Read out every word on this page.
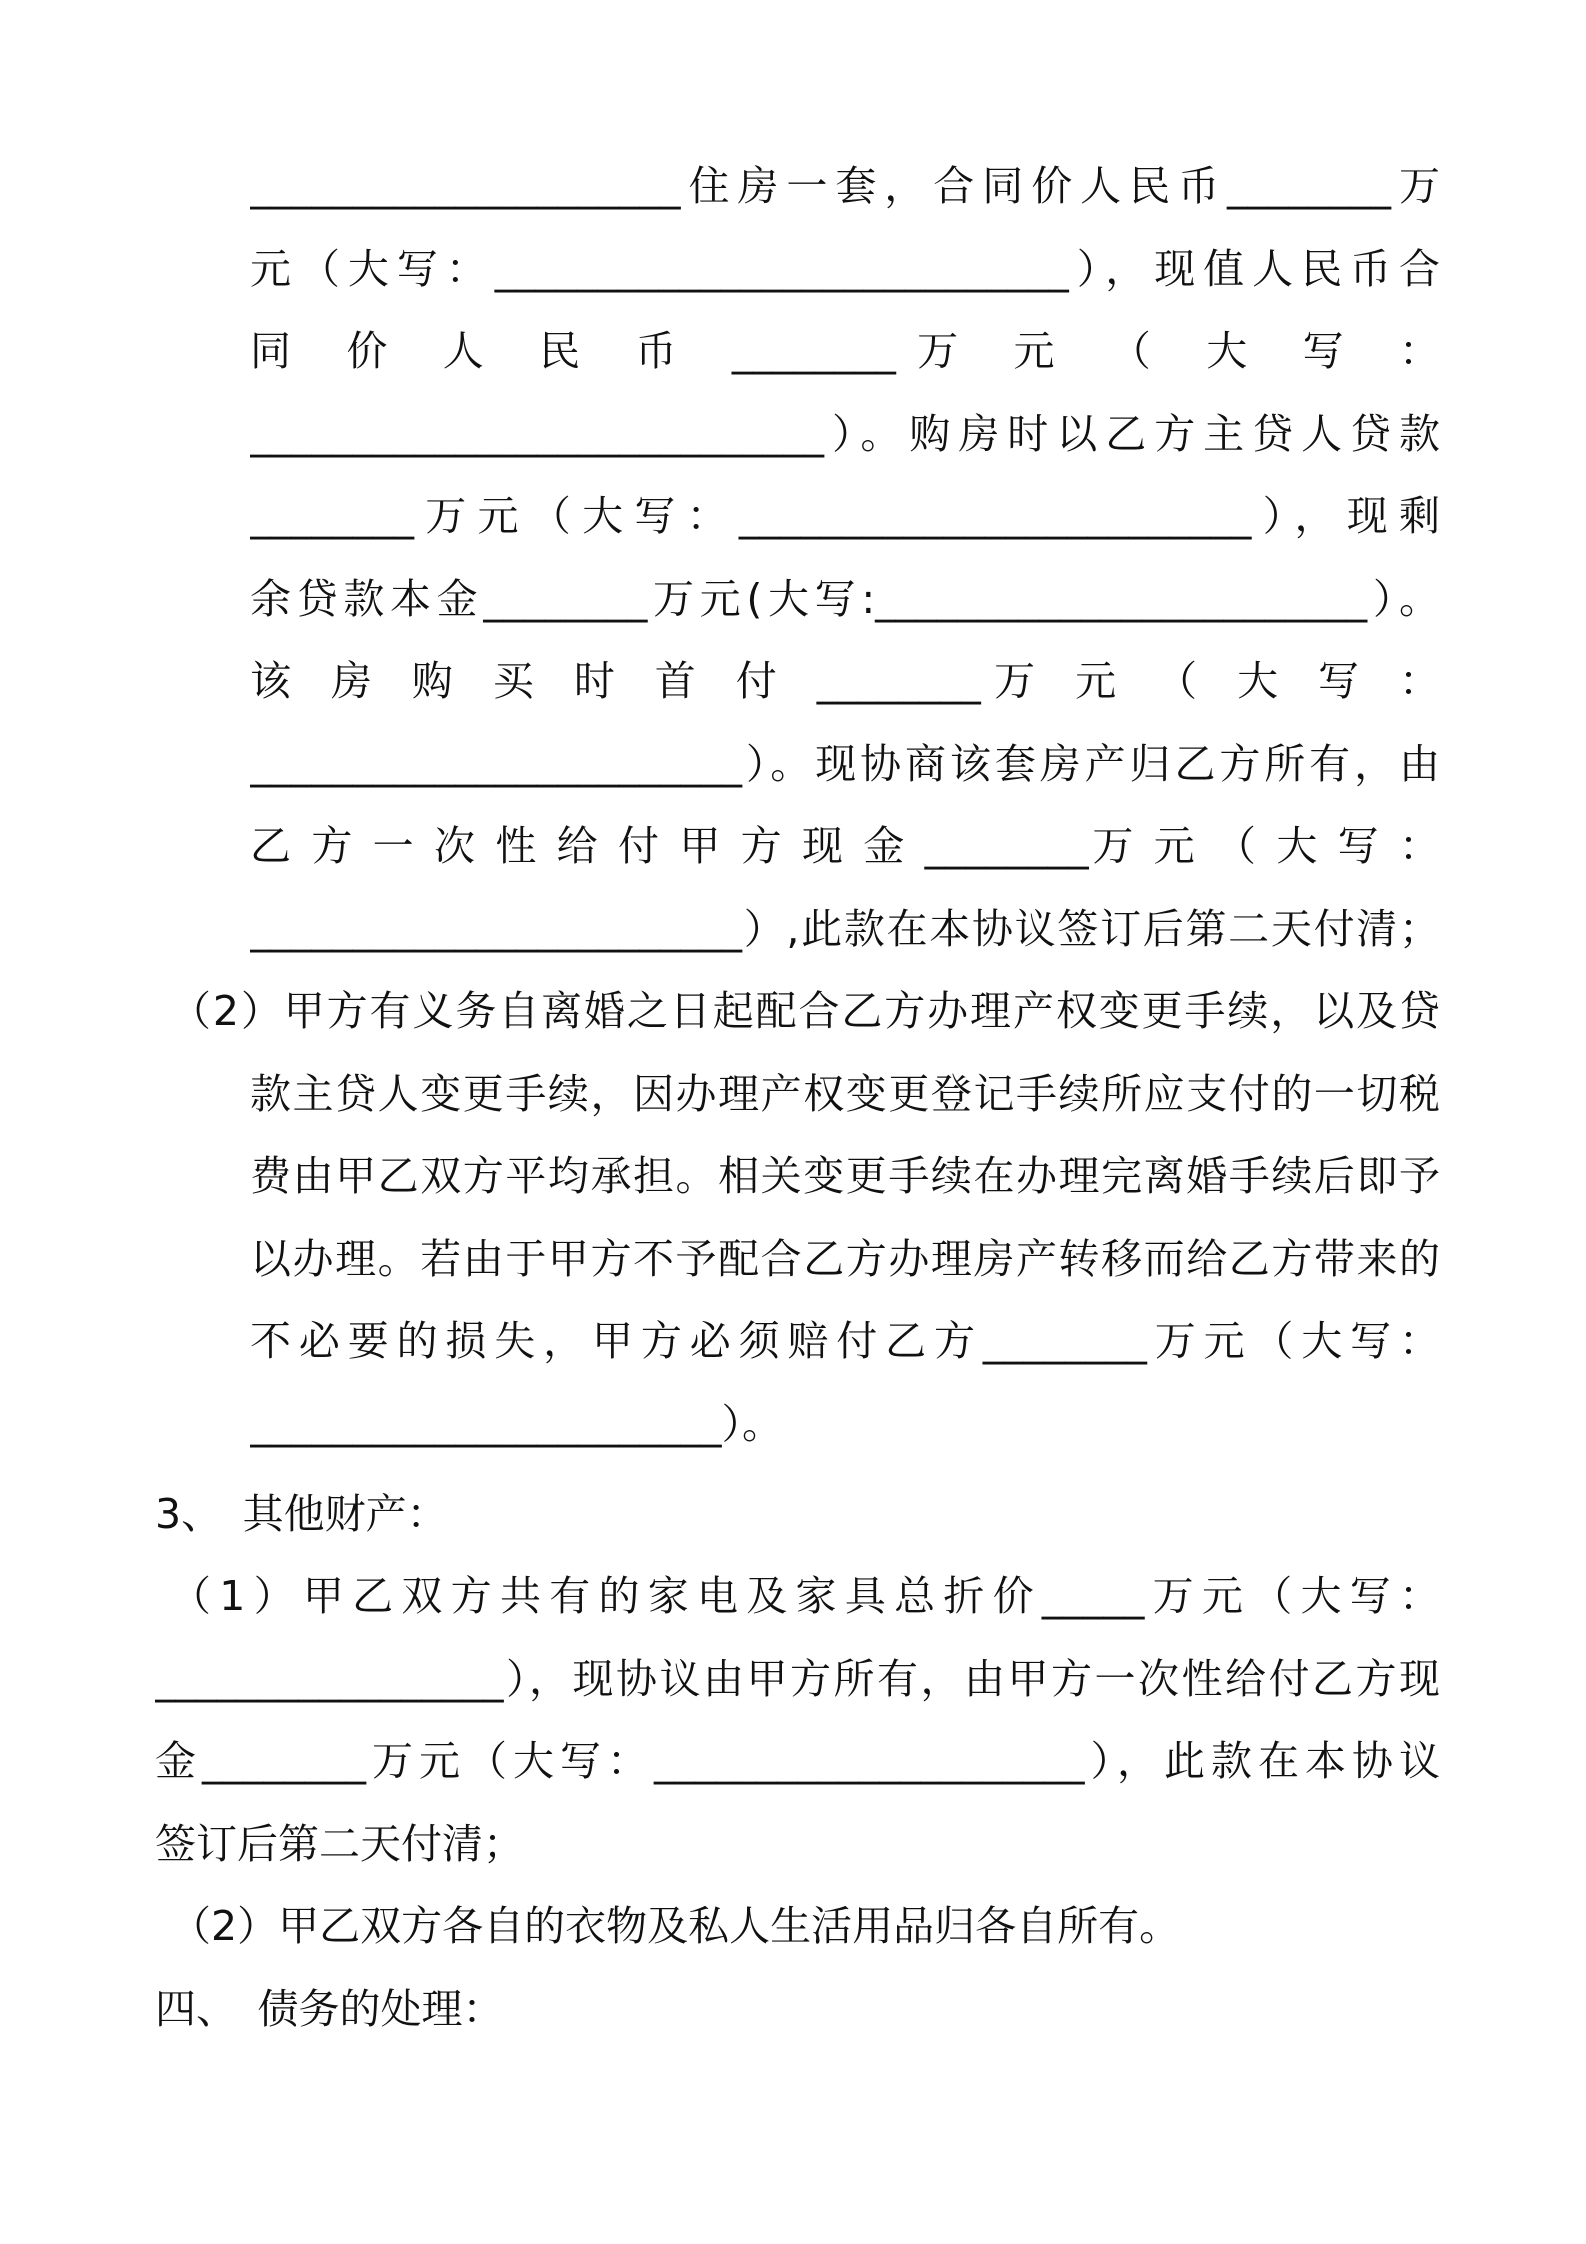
_____________________住房一套，合同价人民币________万
元（大写：____________________________），现值人民币合
同 价 人 民 币 ________万 元 （ 大 写 ：
____________________________）。购房时以乙方主贷人贷款
________万元（大写：_________________________），现剩
余贷款本金________万元(大写:________________________）。
该 房 购 买 时 首 付 ________万 元 （ 大 写 ：
________________________）。现协商该套房产归乙方所有，由
乙 方 一 次 性 给 付 甲 方 现 金 ________万 元 （ 大 写 ：
________________________）,此款在本协议签订后第二天付清；
（2）甲方有义务自离婚之日起配合乙方办理产权变更手续，以及贷
款主贷人变更手续，因办理产权变更登记手续所应支付的一切税
费由甲乙双方平均承担。相关变更手续在办理完离婚手续后即予
以办理。若由于甲方不予配合乙方办理房产转移而给乙方带来的
不必要的损失，甲方必须赔付乙方________万元（大写：
_______________________）。
3、　其他财产：
（1）甲乙双方共有的家电及家具总折价_____万元（大写：
_________________），现协议由甲方所有，由甲方一次性给付乙方现
金________万元（大写：_____________________），此款在本协议
签订后第二天付清；
（2）甲乙双方各自的衣物及私人生活用品归各自所有。
四、　债务的处理：
